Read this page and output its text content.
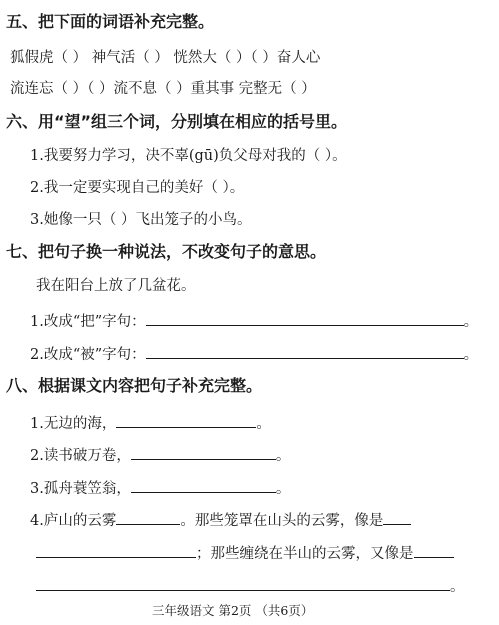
五、把下面的词语补充完整。
狐假虎（ ） 神气活（ ） 恍然大（ ）（ ）奋人心
流连忘（ ）（ ）流不息（ ）重其事 完整无（ ）
六、用“望”组三个词，分别填在相应的括号里。
1.我要努力学习，决不辜(gū)负父母对我的（ ）。
2.我一定要实现自己的美好（ ）。
3.她像一只（ ）飞出笼子的小鸟。
七、把句子换一种说法，不改变句子的意思。
我在阳台上放了几盆花。
1.改成“把”字句：	。
2.改成“被”字句：	。
八、根据课文内容把句子补充完整。
1.无边的海，	。
2.读书破万卷，	。
3.孤舟蓑笠翁，	。
4.庐山的云雾	。那些笼罩在山头的云雾，像是
；那些缠绕在半山的云雾，又像是
。
三年级语文 第2页 （共6页）
